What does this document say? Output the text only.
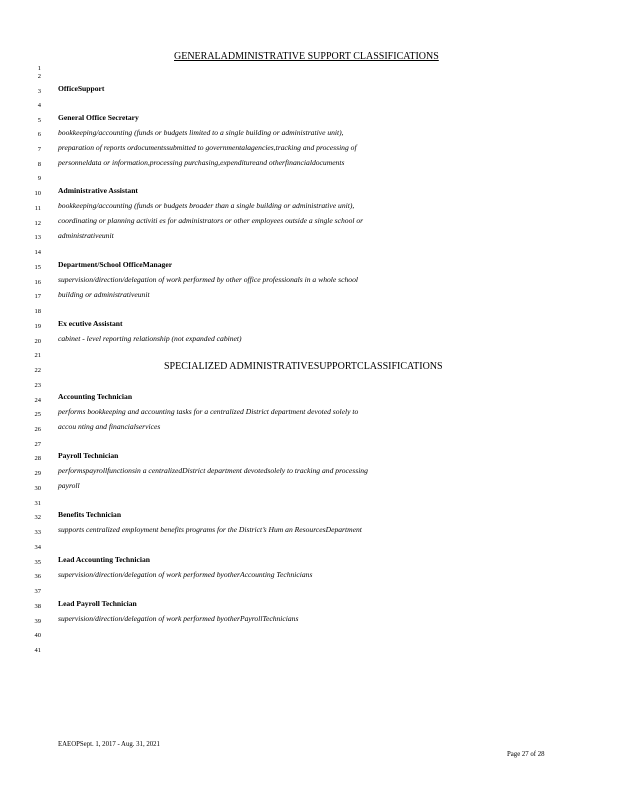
1
2
3
4
5
6
7
8
9
10
11
12
13
14
15
16
17
18
19
20
21
22
23
24
25
26
27
28
29
30
31
32
33
34
35
36
37
38
39
40
41
GENERALADMINISTRATIVE SUPPORT CLASSIFICATIONS
OfficeSupport
General Office Secretary
bookkeeping/accounting (funds or budgets limited to a single building or administrative unit),
preparation of reports ordocumentssubmitted to governmentalagencies,tracking and processing of
personneldata or information,processing purchasing,expenditureand otherfinancialdocuments
Administrative Assistant
bookkeeping/accounting (funds or budgets broader than a single building or administrative unit),
coordinating or planning activiti es for administrators or other employees outside a single school or
administrativeunit
Department/School OfficeManager
supervision/direction/delegation of work performed by other office professionals in a whole school
building or administrativeunit
Ex ecutive Assistant
cabinet - level reporting relationship (not expanded cabinet)
SPECIALIZED ADMINISTRATIVESUPPORTCLASSIFICATIONS
Accounting Technician
performs bookkeeping and accounting tasks for a centralized District department devoted solely to
accou nting and financialservices
Payroll Technician
performspayrollfunctionsin a centralizedDistrict department devotedsolely to tracking and processing
payroll
Benefits Technician
supports centralized employment benefits programs for the District’s Hum an ResourcesDepartment
Lead Accounting Technician
supervision/direction/delegation of work performed byotherAccounting Technicians
Lead Payroll Technician
supervision/direction/delegation of work performed byotherPayrollTechnicians
EAEOPSept. 1, 2017 - Aug. 31, 2021
Page 27 of 28
